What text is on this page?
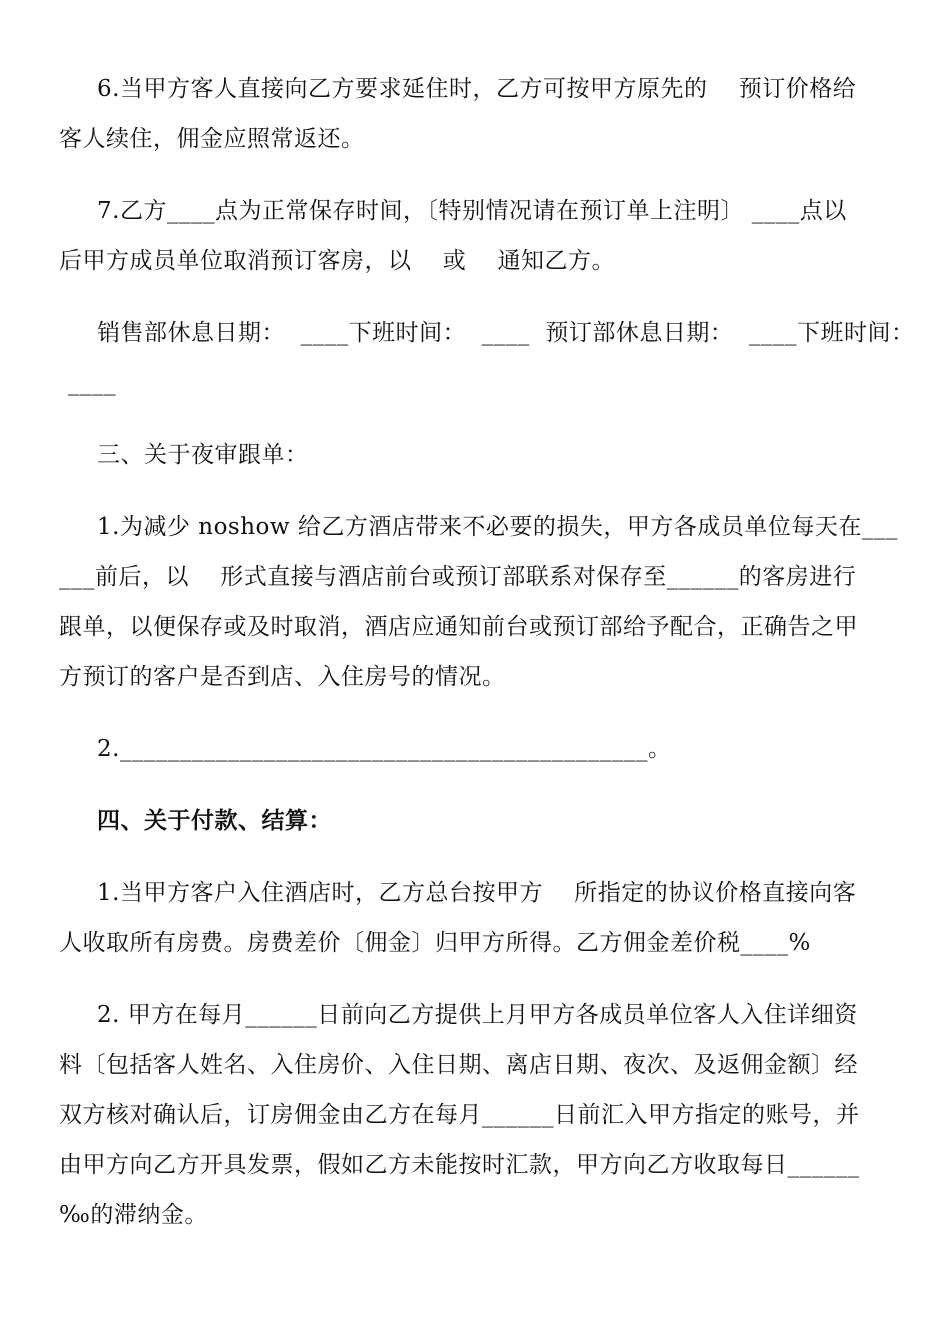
6.当甲方客人直接向乙方要求延住时，乙方可按甲方原先的    预订价格给
客人续住，佣金应照常返还。
7.乙方____点为正常保存时间，〔特别情况请在预订单上注明〕 ____点以
后甲方成员单位取消预订客房，以    或    通知乙方。
销售部休息日期：  ____下班时间：  ____  预订部休息日期：  ____下班时间：
____
三、关于夜审跟单：
1.为减少 noshow 给乙方酒店带来不必要的损失，甲方各成员单位每天在___
___前后，以    形式直接与酒店前台或预订部联系对保存至______的客房进行
跟单，以便保存或及时取消，酒店应通知前台或预订部给予配合，正确告之甲
方预订的客户是否到店、入住房号的情况。
2.____________________________________________。
四、关于付款、结算：
1.当甲方客户入住酒店时，乙方总台按甲方    所指定的协议价格直接向客
人收取所有房费。房费差价〔佣金〕归甲方所得。乙方佣金差价税____%
2. 甲方在每月______日前向乙方提供上月甲方各成员单位客人入住详细资
料〔包括客人姓名、入住房价、入住日期、离店日期、夜次、及返佣金额〕经
双方核对确认后，订房佣金由乙方在每月______日前汇入甲方指定的账号，并
由甲方向乙方开具发票，假如乙方未能按时汇款，甲方向乙方收取每日______
‰的滞纳金。
